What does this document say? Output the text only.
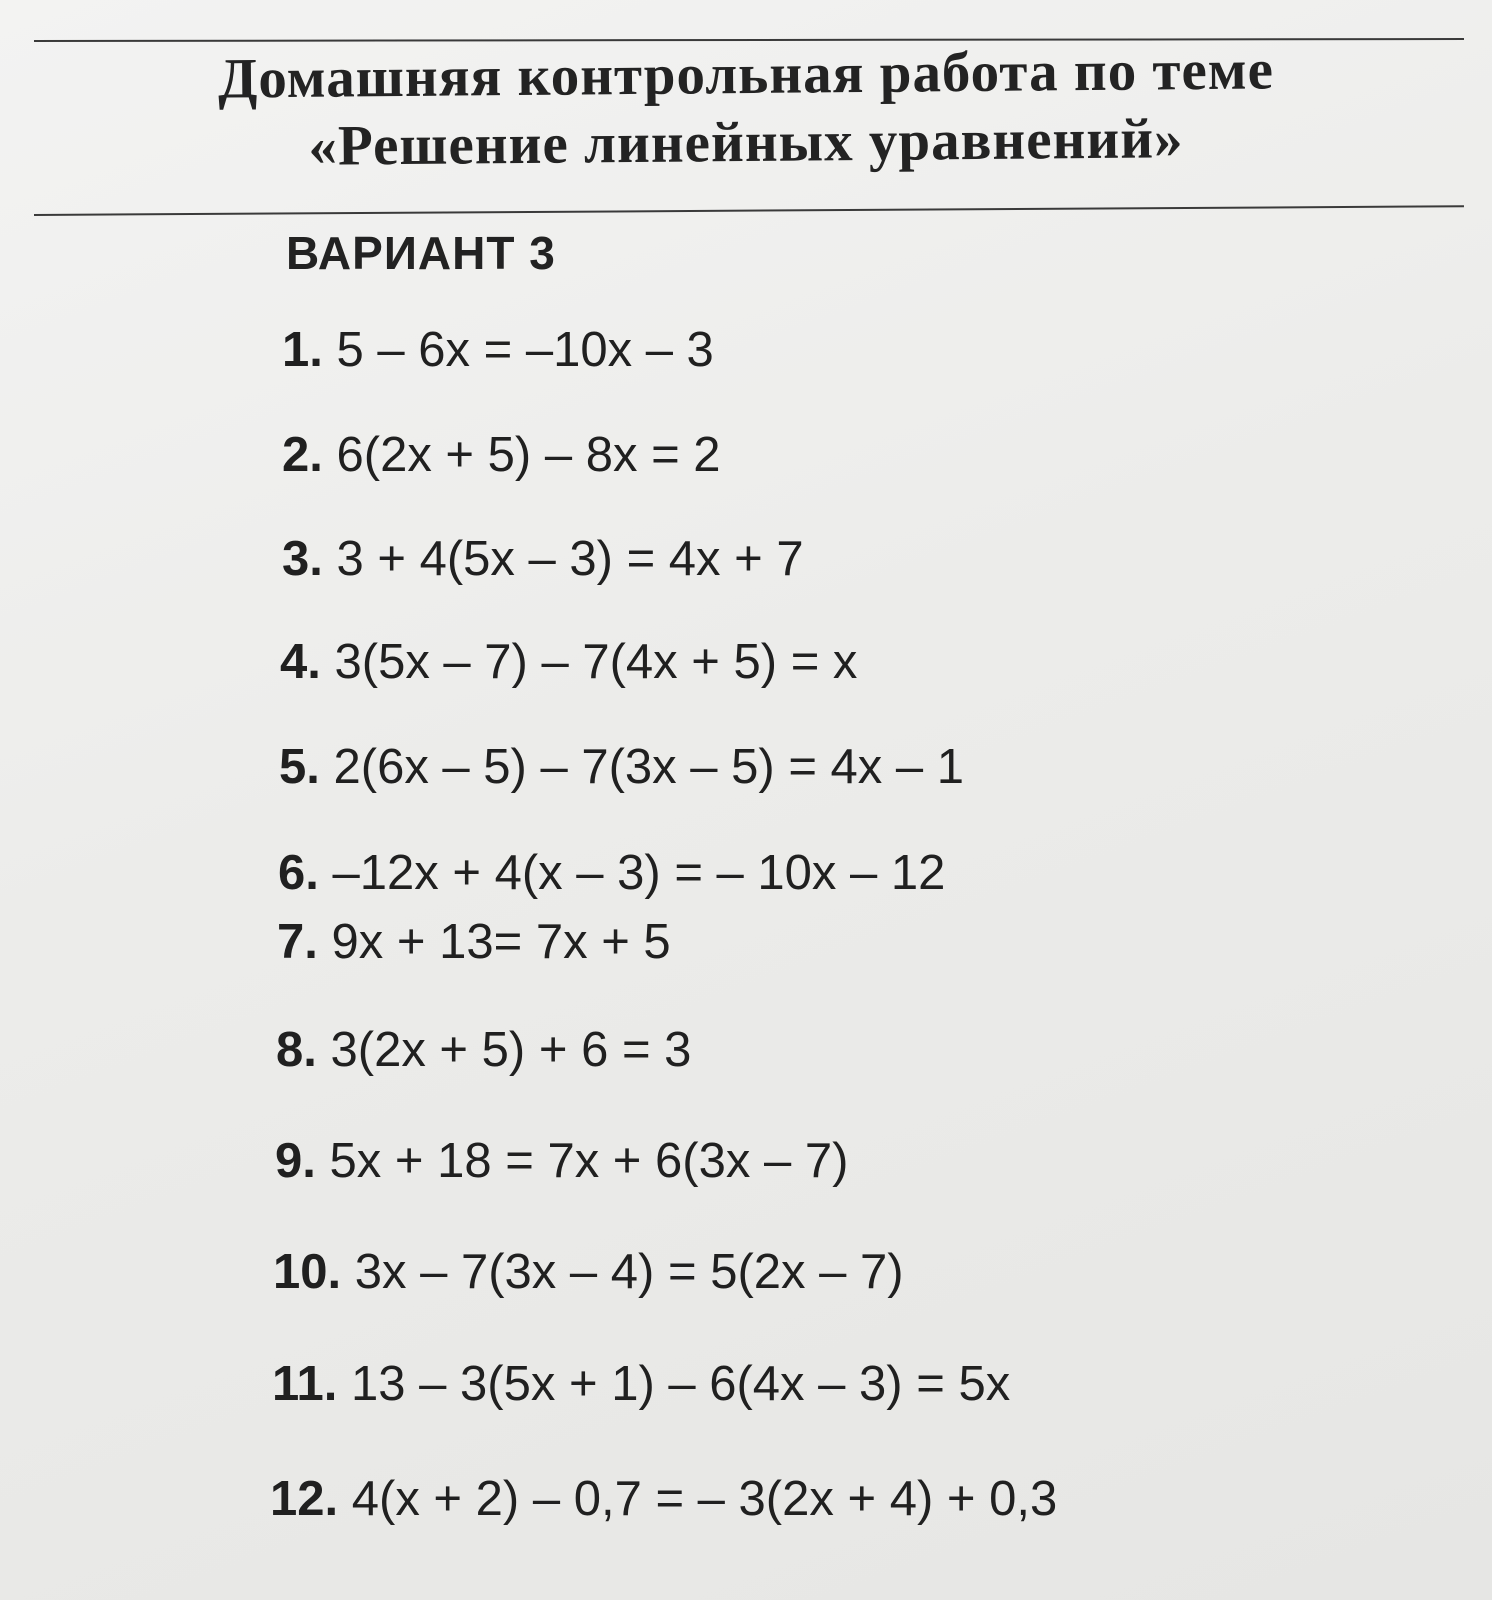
Домашняя контрольная работа по теме
«Решение линейных уравнений»
ВАРИАНТ 3
1. 5 – 6x = –10x – 3
2. 6(2x + 5) – 8x = 2
3. 3 + 4(5x – 3) = 4x + 7
4. 3(5x – 7) – 7(4x + 5) = x
5. 2(6x – 5) – 7(3x – 5) = 4x – 1
6. –12x + 4(x – 3) = – 10x – 12
7. 9x + 13= 7x + 5
8. 3(2x + 5) + 6 = 3
9. 5x + 18 = 7x + 6(3x – 7)
10. 3x – 7(3x – 4) = 5(2x – 7)
11. 13 – 3(5x + 1) – 6(4x – 3) = 5x
12. 4(x + 2) – 0,7 = – 3(2x + 4) + 0,3
